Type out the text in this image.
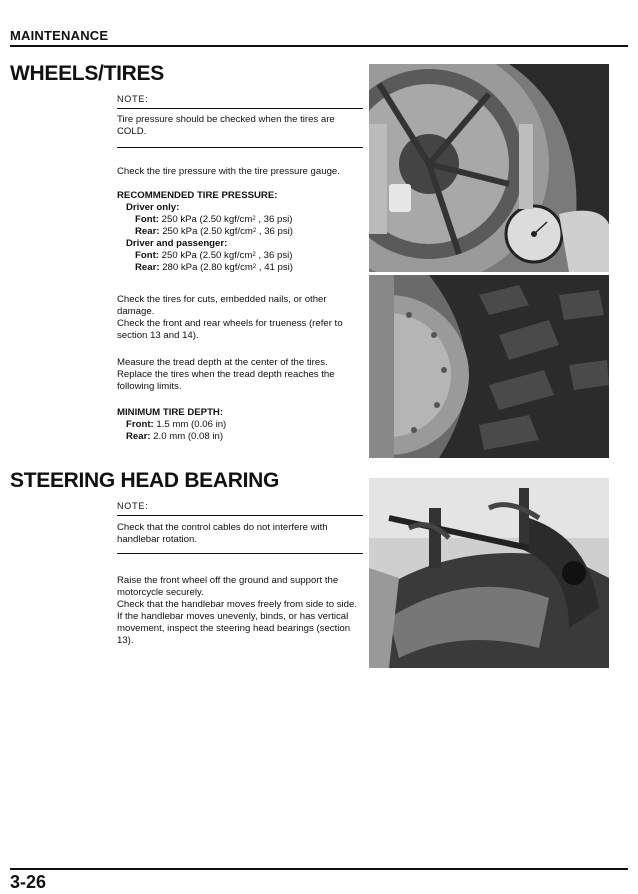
MAINTENANCE
WHEELS/TIRES
NOTE:
Tire pressure should be checked when the tires are COLD.
Check the tire pressure with the tire pressure gauge.

RECOMMENDED TIRE PRESSURE:

Driver only:

Font: 250 kPa (2.50 kgf/$cm^2$ , 36 psi)

Rear: 250 kPa (2.50 kgf/$cm^2$ , 36 psi)

Driver and passenger:

Font: 250 kPa (2.50 kgf/$cm^2$ , 36 psi)

Rear: 280 kPa (2.80 kgf/$cm^2$ , 41 psi)

Check the tires for cuts, embedded nails, or other damage.

Check the front and rear wheels for trueness (refer to section 13 and 14).

Measure the tread depth at the center of the tires.

Replace the tires when the tread depth reaches the following limits.

MINIMUM TIRE DEPTH:

Front: 1.5 mm (0.06 in)

Rear: 2.0 mm (0.08 in)

STEERING HEAD BEARING
NOTE:
Check that the control cables do not interfere with handlebar rotation.

Raise the front wheel off the ground and support the motorcycle securely.

Check that the handlebar moves freely from side to side.

If the handlebar moves unevenly, binds, or has vertical movement, inspect the steering head bearings (section 13).

3-26
